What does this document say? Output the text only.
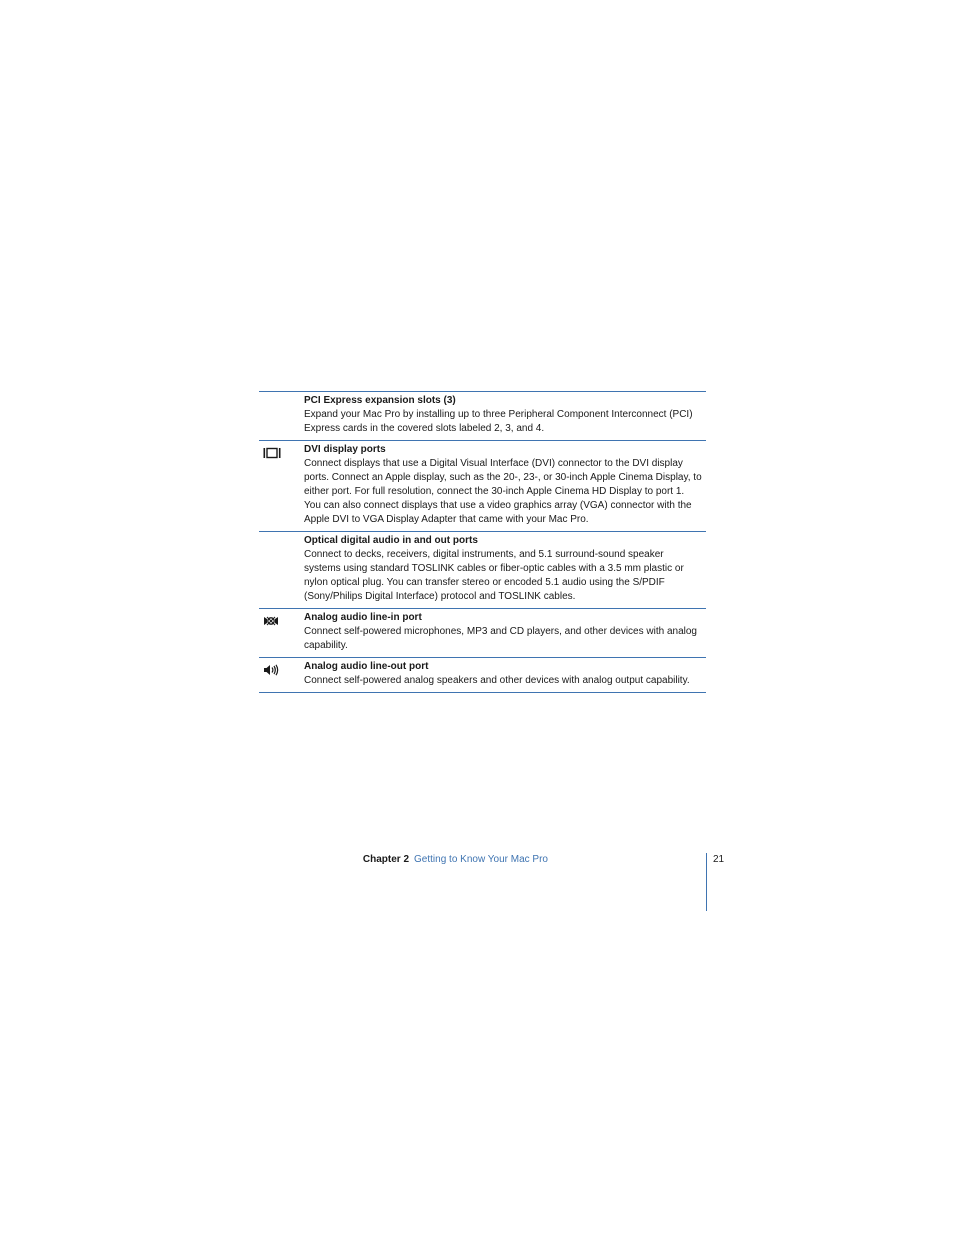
PCI Express expansion slots (3)

Expand your Mac Pro by installing up to three Peripheral Component Interconnect (PCI) Express cards in the covered slots labeled 2, 3, and 4.

DVI display ports

Connect displays that use a Digital Visual Interface (DVI) connector to the DVI display ports. Connect an Apple display, such as the 20-, 23-, or 30-inch Apple Cinema Display, to either port. For full resolution, connect the 30-inch Apple Cinema HD Display to port 1. You can also connect displays that use a video graphics array (VGA) connector with the Apple DVI to VGA Display Adapter that came with your Mac Pro.

Optical digital audio in and out ports

Connect to decks, receivers, digital instruments, and 5.1 surround-sound speaker systems using standard TOSLINK cables or fiber-optic cables with a 3.5 mm plastic or nylon optical plug. You can transfer stereo or encoded 5.1 audio using the S/PDIF (Sony/Philips Digital Interface) protocol and TOSLINK cables.

Analog audio line-in port

Connect self-powered microphones, MP3 and CD players, and other devices with analog capability.

Analog audio line-out port

Connect self-powered analog speakers and other devices with analog output capability.

Chapter 2 Getting to Know Your Mac Pro	21
